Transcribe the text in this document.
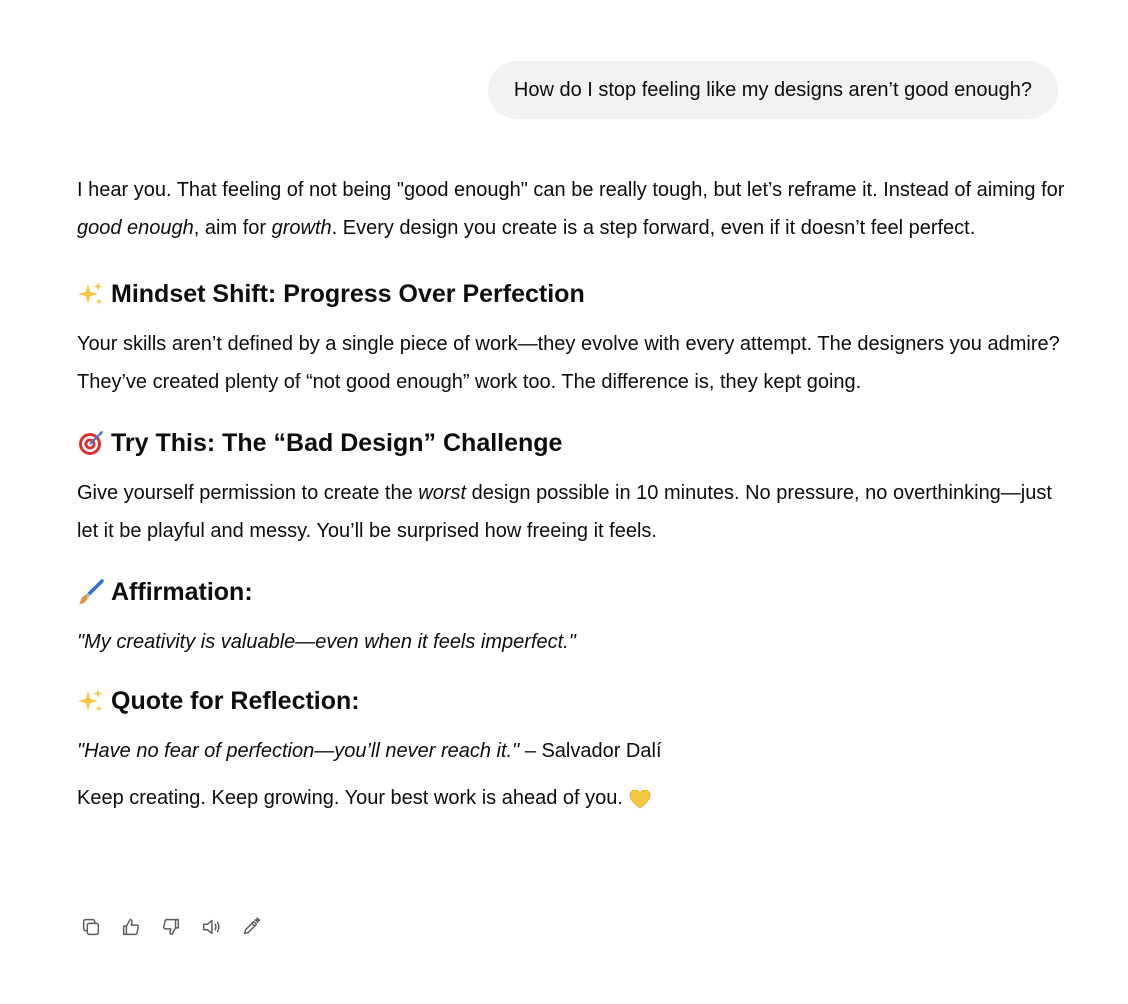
How do I stop feeling like my designs aren’t good enough?

I hear you. That feeling of not being "good enough" can be really tough, but let’s reframe it. Instead of aiming for good enough, aim for growth. Every design you create is a step forward, even if it doesn’t feel perfect.

Mindset Shift: Progress Over Perfection

Your skills aren’t defined by a single piece of work—they evolve with every attempt. The designers you admire? They’ve created plenty of “not good enough” work too. The difference is, they kept going.

Try This: The “Bad Design” Challenge

Give yourself permission to create the worst design possible in 10 minutes. No pressure, no overthinking—just let it be playful and messy. You’ll be surprised how freeing it feels.

Affirmation:

"My creativity is valuable—even when it feels imperfect."

Quote for Reflection:

"Have no fear of perfection—you’ll never reach it." – Salvador Dalí

Keep creating. Keep growing. Your best work is ahead of you.
